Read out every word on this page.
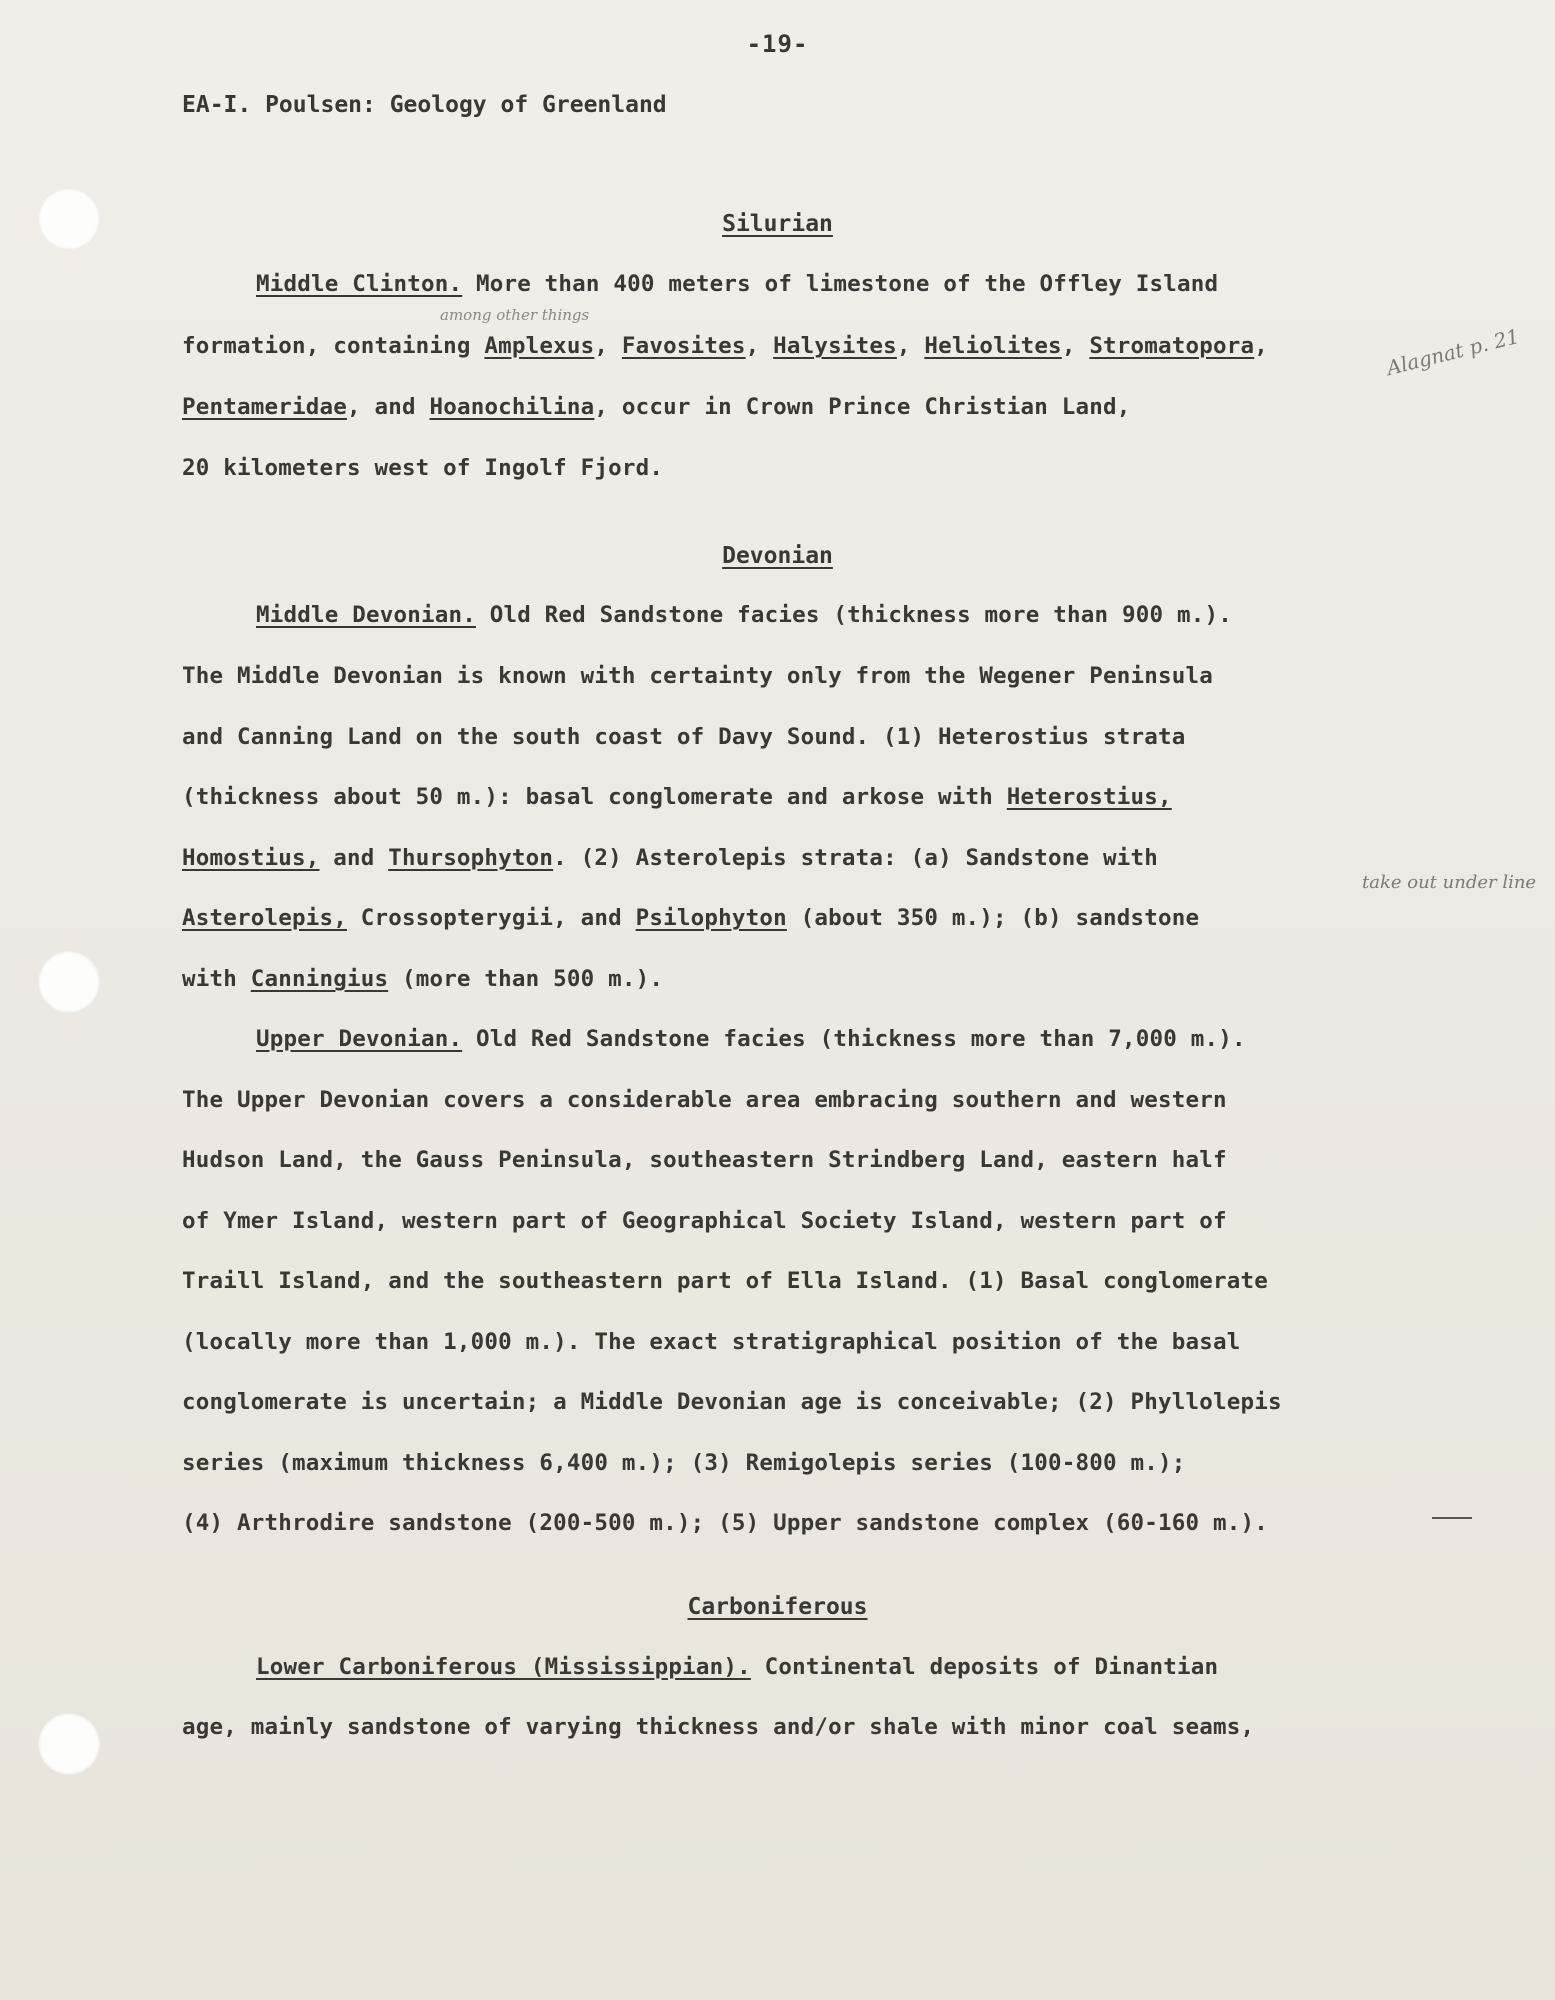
-19-
EA-I. Poulsen: Geology of Greenland
Silurian
among other things
Middle Clinton. More than 400 meters of limestone of the Offley Island
formation, containing Amplexus, Favosites, Halysites, Heliolites, Stromatopora,
Pentameridae, and Hoanochilina, occur in Crown Prince Christian Land,
20 kilometers west of Ingolf Fjord.
Alagnat p. 21
Devonian
Middle Devonian. Old Red Sandstone facies (thickness more than 900 m.).
The Middle Devonian is known with certainty only from the Wegener Peninsula
and Canning Land on the south coast of Davy Sound. (1) Heterostius strata
(thickness about 50 m.): basal conglomerate and arkose with Heterostius,
Homostius, and Thursophyton. (2) Asterolepis strata: (a) Sandstone with
Asterolepis, Crossopterygii, and Psilophyton (about 350 m.); (b) sandstone
with Canningius (more than 500 m.).
take out under line
Upper Devonian. Old Red Sandstone facies (thickness more than 7,000 m.).
The Upper Devonian covers a considerable area embracing southern and western
Hudson Land, the Gauss Peninsula, southeastern Strindberg Land, eastern half
of Ymer Island, western part of Geographical Society Island, western part of
Traill Island, and the southeastern part of Ella Island. (1) Basal conglomerate
(locally more than 1,000 m.). The exact stratigraphical position of the basal
conglomerate is uncertain; a Middle Devonian age is conceivable; (2) Phyllolepis
series (maximum thickness 6,400 m.); (3) Remigolepis series (100-800 m.);
(4) Arthrodire sandstone (200-500 m.); (5) Upper sandstone complex (60-160 m.).
Carboniferous
Lower Carboniferous (Mississippian). Continental deposits of Dinantian
age, mainly sandstone of varying thickness and/or shale with minor coal seams,
